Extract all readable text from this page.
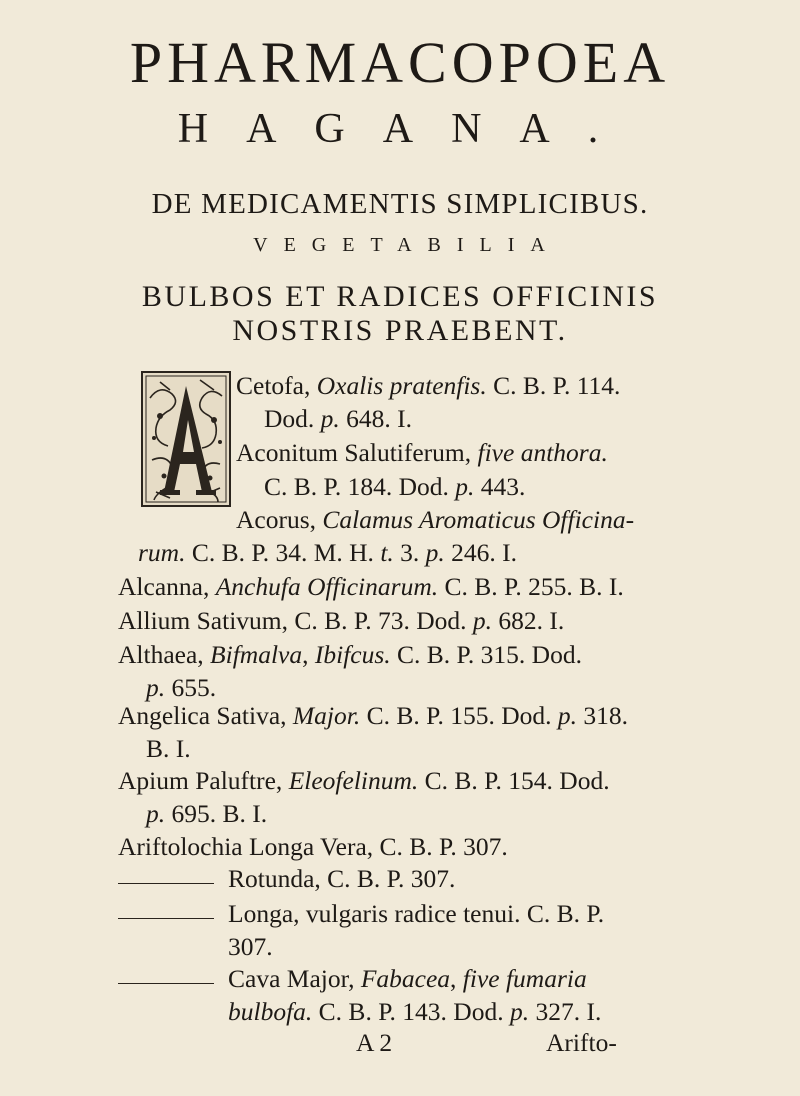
PHARMACOPOEA
HAGANA.
DE MEDICAMENTIS SIMPLICIBUS.
VEGETABILIA
BULBOS ET RADICES OFFICINIS
NOSTRIS PRAEBENT.
Cetofa, Oxalis pratenfis. C. B. P. 114.
Dod. p. 648. I.
Aconitum Salutiferum, five anthora.
C. B. P. 184. Dod. p. 443.
Acorus, Calamus Aromaticus Officina-
rum. C. B. P. 34. M. H. t. 3. p. 246. I.
Alcanna, Anchufa Officinarum. C. B. P. 255. B. I.
Allium Sativum, C. B. P. 73. Dod. p. 682. I.
Althaea, Bifmalva, Ibifcus. C. B. P. 315. Dod.
p. 655.
Angelica Sativa, Major. C. B. P. 155. Dod. p. 318.
B. I.
Apium Paluftre, Eleofelinum. C. B. P. 154. Dod.
p. 695. B. I.
Ariftolochia Longa Vera, C. B. P. 307.
Rotunda, C. B. P. 307.
Longa, vulgaris radice tenui. C. B. P.
307.
Cava Major, Fabacea, five fumaria
bulbofa. C. B. P. 143. Dod. p. 327. I.
A 2	Arifto-
